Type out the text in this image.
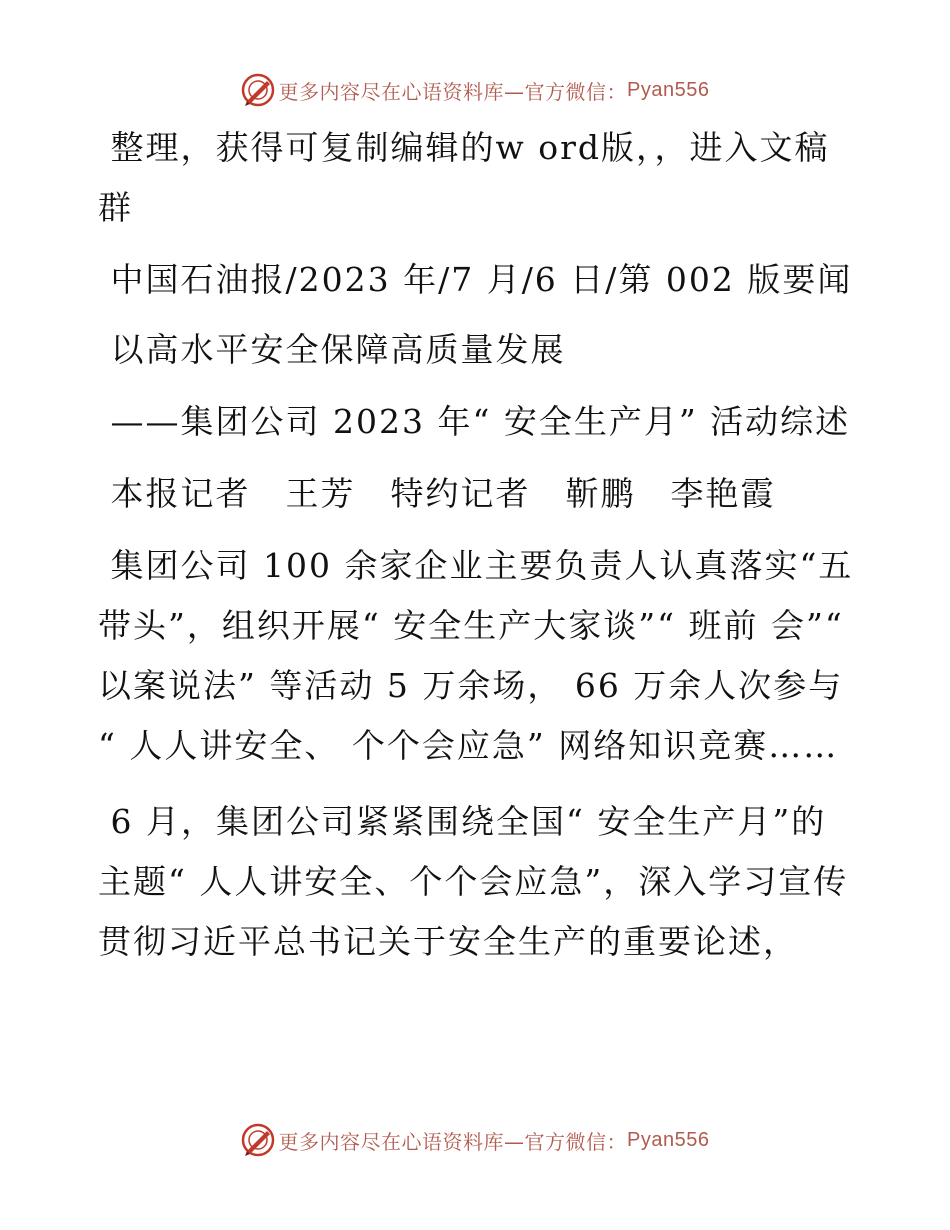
更多内容尽在心语资料库—官方微信： Pyan556

整理，获得可复制编辑的w ord版，，进入文稿群

中国石油报/2023 年/7 月/6 日/第 002 版要闻

以高水平安全保障高质量发展

——集团公司 2023 年“ 安全生产月” 活动综述

本报记者　王芳　特约记者　靳鹏　李艳霞

集团公司 100 余家企业主要负责人认真落实“五带头”，组织开展“ 安全生产大家谈”“ 班前 会”“ 以案说法” 等活动 5 万余场， 66 万余人次参与 “ 人人讲安全、 个个会应急” 网络知识竞赛……

6 月，集团公司紧紧围绕全国“ 安全生产月”的主题“ 人人讲安全、个个会应急”，深入学习宣传贯彻习近平总书记关于安全生产的重要论述，

更多内容尽在心语资料库—官方微信： Pyan556
